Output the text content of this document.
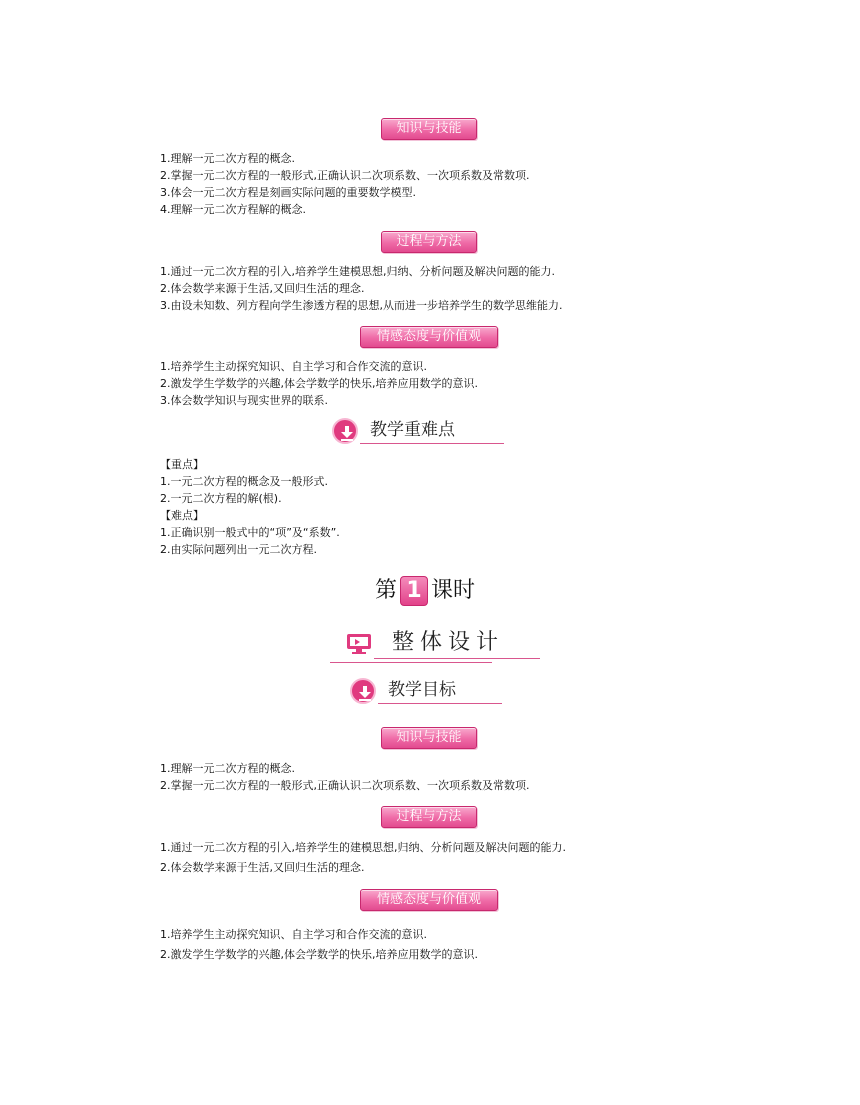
知识与技能
1.理解一元二次方程的概念.
2.掌握一元二次方程的一般形式,正确认识二次项系数、一次项系数及常数项.
3.体会一元二次方程是刻画实际问题的重要数学模型.
4.理解一元二次方程解的概念.
过程与方法
1.通过一元二次方程的引入,培养学生建模思想,归纳、分析问题及解决问题的能力.
2.体会数学来源于生活,又回归生活的理念.
3.由设未知数、列方程向学生渗透方程的思想,从而进一步培养学生的数学思维能力.
情感态度与价值观
1.培养学生主动探究知识、自主学习和合作交流的意识.
2.激发学生学数学的兴趣,体会学数学的快乐,培养应用数学的意识.
3.体会数学知识与现实世界的联系.
教学重难点
【重点】
1.一元二次方程的概念及一般形式.
2.一元二次方程的解(根).
【难点】
1.正确识别一般式中的“项”及“系数”.
2.由实际问题列出一元二次方程.
第 1 课时
整体设计
教学目标
知识与技能
1.理解一元二次方程的概念.
2.掌握一元二次方程的一般形式,正确认识二次项系数、一次项系数及常数项.
过程与方法
1.通过一元二次方程的引入,培养学生的建模思想,归纳、分析问题及解决问题的能力.
2.体会数学来源于生活,又回归生活的理念.
情感态度与价值观
1.培养学生主动探究知识、自主学习和合作交流的意识.
2.激发学生学数学的兴趣,体会学数学的快乐,培养应用数学的意识.
